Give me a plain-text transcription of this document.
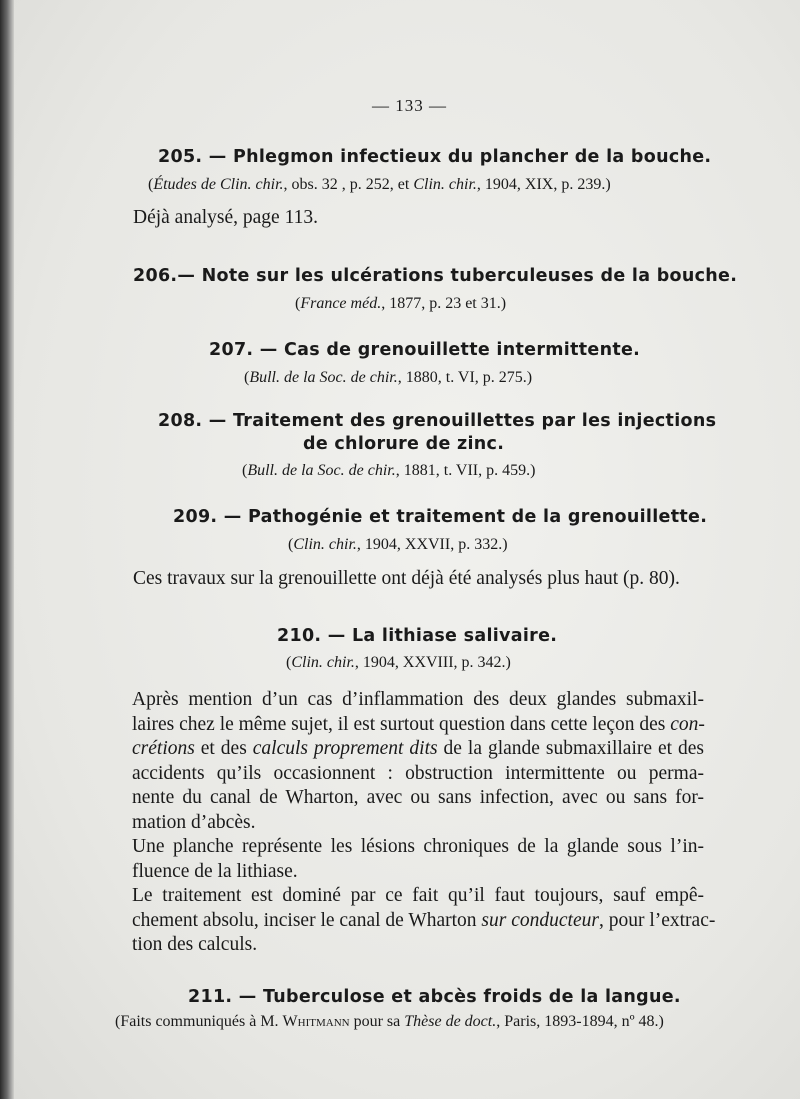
— 133 —
205. — Phlegmon infectieux du plancher de la bouche.
(Études de Clin. chir., obs. 32 , p. 252, et Clin. chir., 1904, XIX, p. 239.)
Déjà analysé, page 113.
206.— Note sur les ulcérations tuberculeuses de la bouche.
(France méd., 1877, p. 23 et 31.)
207. — Cas de grenouillette intermittente.
(Bull. de la Soc. de chir., 1880, t. VI, p. 275.)
208. — Traitement des grenouillettes par les injections
de chlorure de zinc.
(Bull. de la Soc. de chir., 1881, t. VII, p. 459.)
209. — Pathogénie et traitement de la grenouillette.
(Clin. chir., 1904, XXVII, p. 332.)
Ces travaux sur la grenouillette ont déjà été analysés plus haut (p. 80).
210. — La lithiase salivaire.
(Clin. chir., 1904, XXVIII, p. 342.)
Après mention d’un cas d’inflammation des deux glandes submaxil-
laires chez le même sujet, il est surtout question dans cette leçon des con-
crétions et des calculs proprement dits de la glande submaxillaire et des
accidents qu’ils occasionnent : obstruction intermittente ou perma-
nente du canal de Wharton, avec ou sans infection, avec ou sans for-
mation d’abcès.
Une planche représente les lésions chroniques de la glande sous l’in-
fluence de la lithiase.
Le traitement est dominé par ce fait qu’il faut toujours, sauf empê-
chement absolu, inciser le canal de Wharton sur conducteur, pour l’extrac-
tion des calculs.
211. — Tuberculose et abcès froids de la langue.
(Faits communiqués à M. Whitmann pour sa Thèse de doct., Paris, 1893-1894, nº 48.)
